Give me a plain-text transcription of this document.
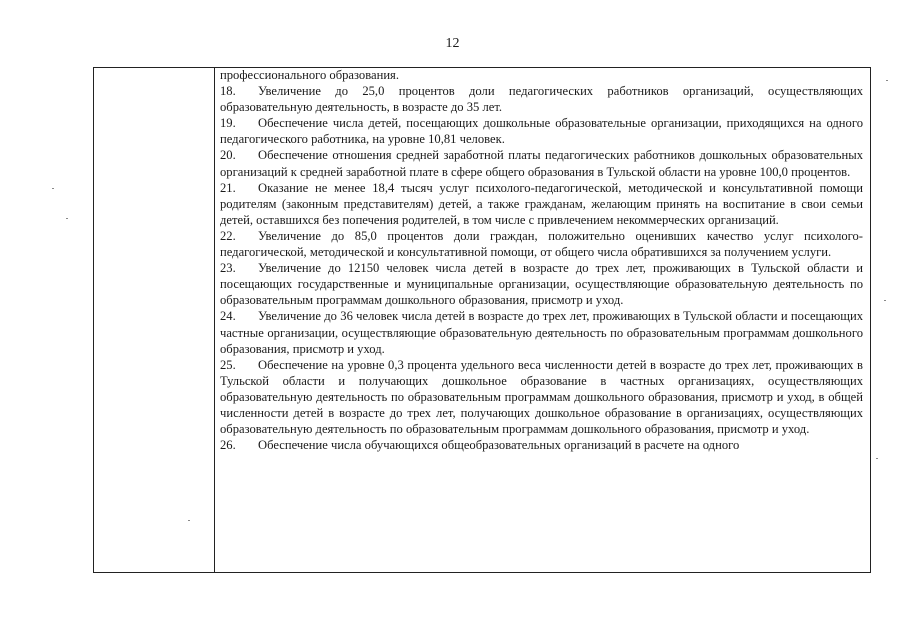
12

профессионального образования.

18. Увеличение до 25,0 процентов доли педагогических работников организаций, осуществляющих образовательную деятельность, в возрасте до 35 лет.

19. Обеспечение числа детей, посещающих дошкольные образовательные организации, приходящихся на одного педагогического работника, на уровне 10,81 человек.

20. Обеспечение отношения средней заработной платы педагогических работников дошкольных образовательных организаций к средней заработной плате в сфере общего образования в Тульской области на уровне 100,0 процентов.

21. Оказание не менее 18,4 тысяч услуг психолого-педагогической, методической и консультативной помощи родителям (законным представителям) детей, а также гражданам, желающим принять на воспитание в свои семьи детей, оставшихся без попечения родителей, в том числе с привлечением некоммерческих организаций.

22. Увеличение до 85,0 процентов доли граждан, положительно оценивших качество услуг психолого-педагогической, методической и консультативной помощи, от общего числа обратившихся за получением услуги.

23. Увеличение до 12150 человек числа детей в возрасте до трех лет, проживающих в Тульской области и посещающих государственные и муниципальные организации, осуществляющие образовательную деятельность по образовательным программам дошкольного образования, присмотр и уход.

24. Увеличение до 36 человек числа детей в возрасте до трех лет, проживающих в Тульской области и посещающих частные организации, осуществляющие образовательную деятельность по образовательным программам дошкольного образования, присмотр и уход.

25. Обеспечение на уровне 0,3 процента удельного веса численности детей в возрасте до трех лет, проживающих в Тульской области и получающих дошкольное образование в частных организациях, осуществляющих образовательную деятельность по образовательным программам дошкольного образования, присмотр и уход, в общей численности детей в возрасте до трех лет, получающих дошкольное образование в организациях, осуществляющих образовательную деятельность по образовательным программам дошкольного образования, присмотр и уход.

26. Обеспечение числа обучающихся общеобразовательных организаций в расчете на одного
